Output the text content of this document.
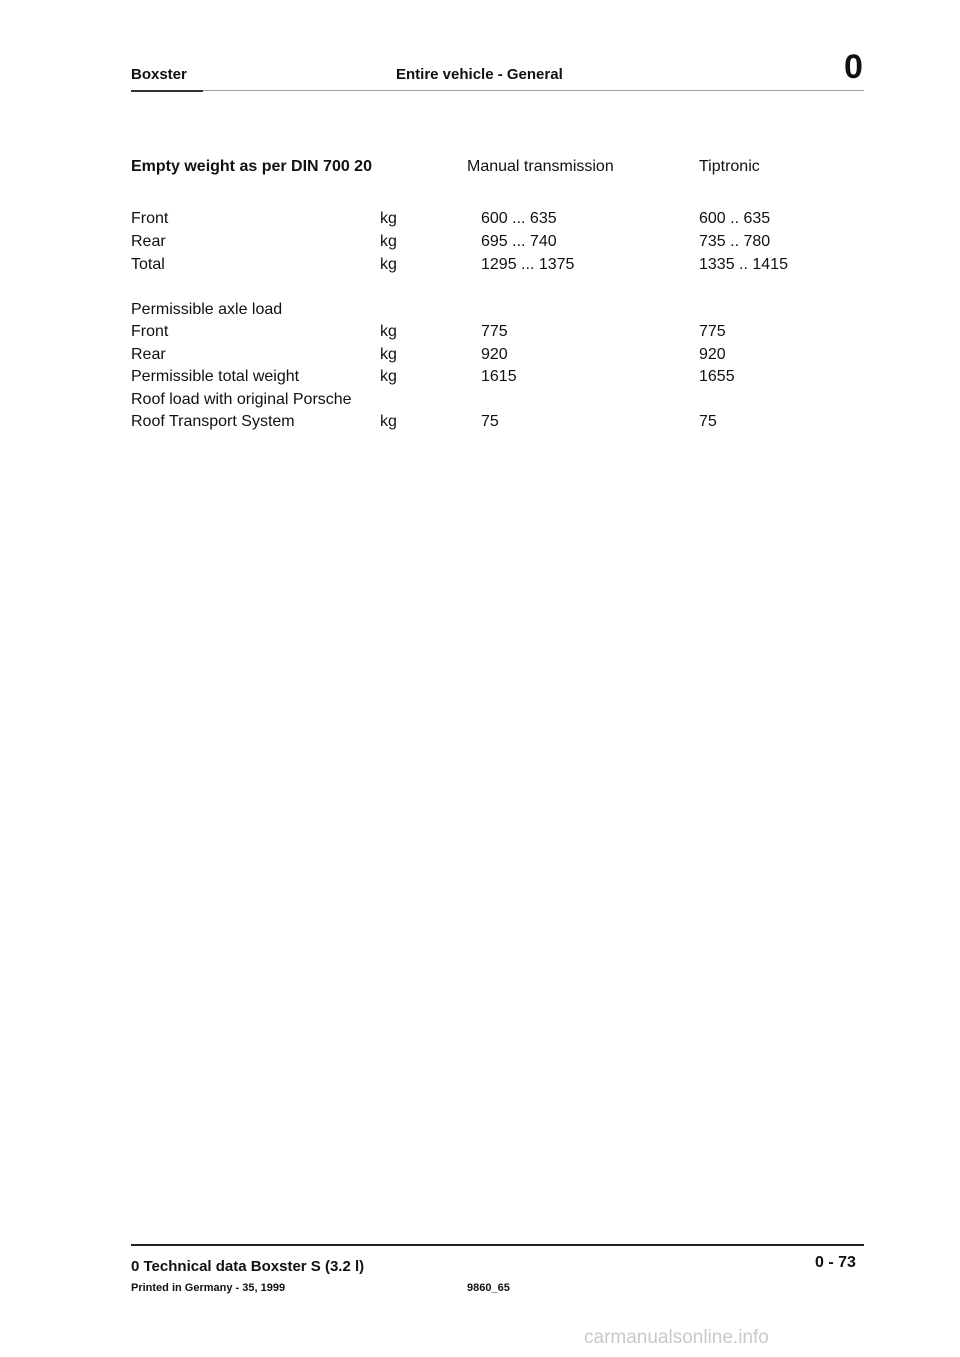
Boxster	Entire vehicle - General	0
Empty weight as per DIN 700 20	Manual transmission	Tiptronic
Front	kg	600 ... 635	600 .. 635
Rear	kg	695 ... 740	735 .. 780
Total	kg	1295 ... 1375	1335 .. 1415
Permissible axle load
Front	kg	775	775
Rear	kg	920	920
Permissible total weight	kg	1615	1655
Roof load with original Porsche
Roof Transport System	kg	75	75
0 Technical data Boxster S (3.2 l)
Printed in Germany - 35, 1999	9860_65
0 - 73
carmanualsonline.info
